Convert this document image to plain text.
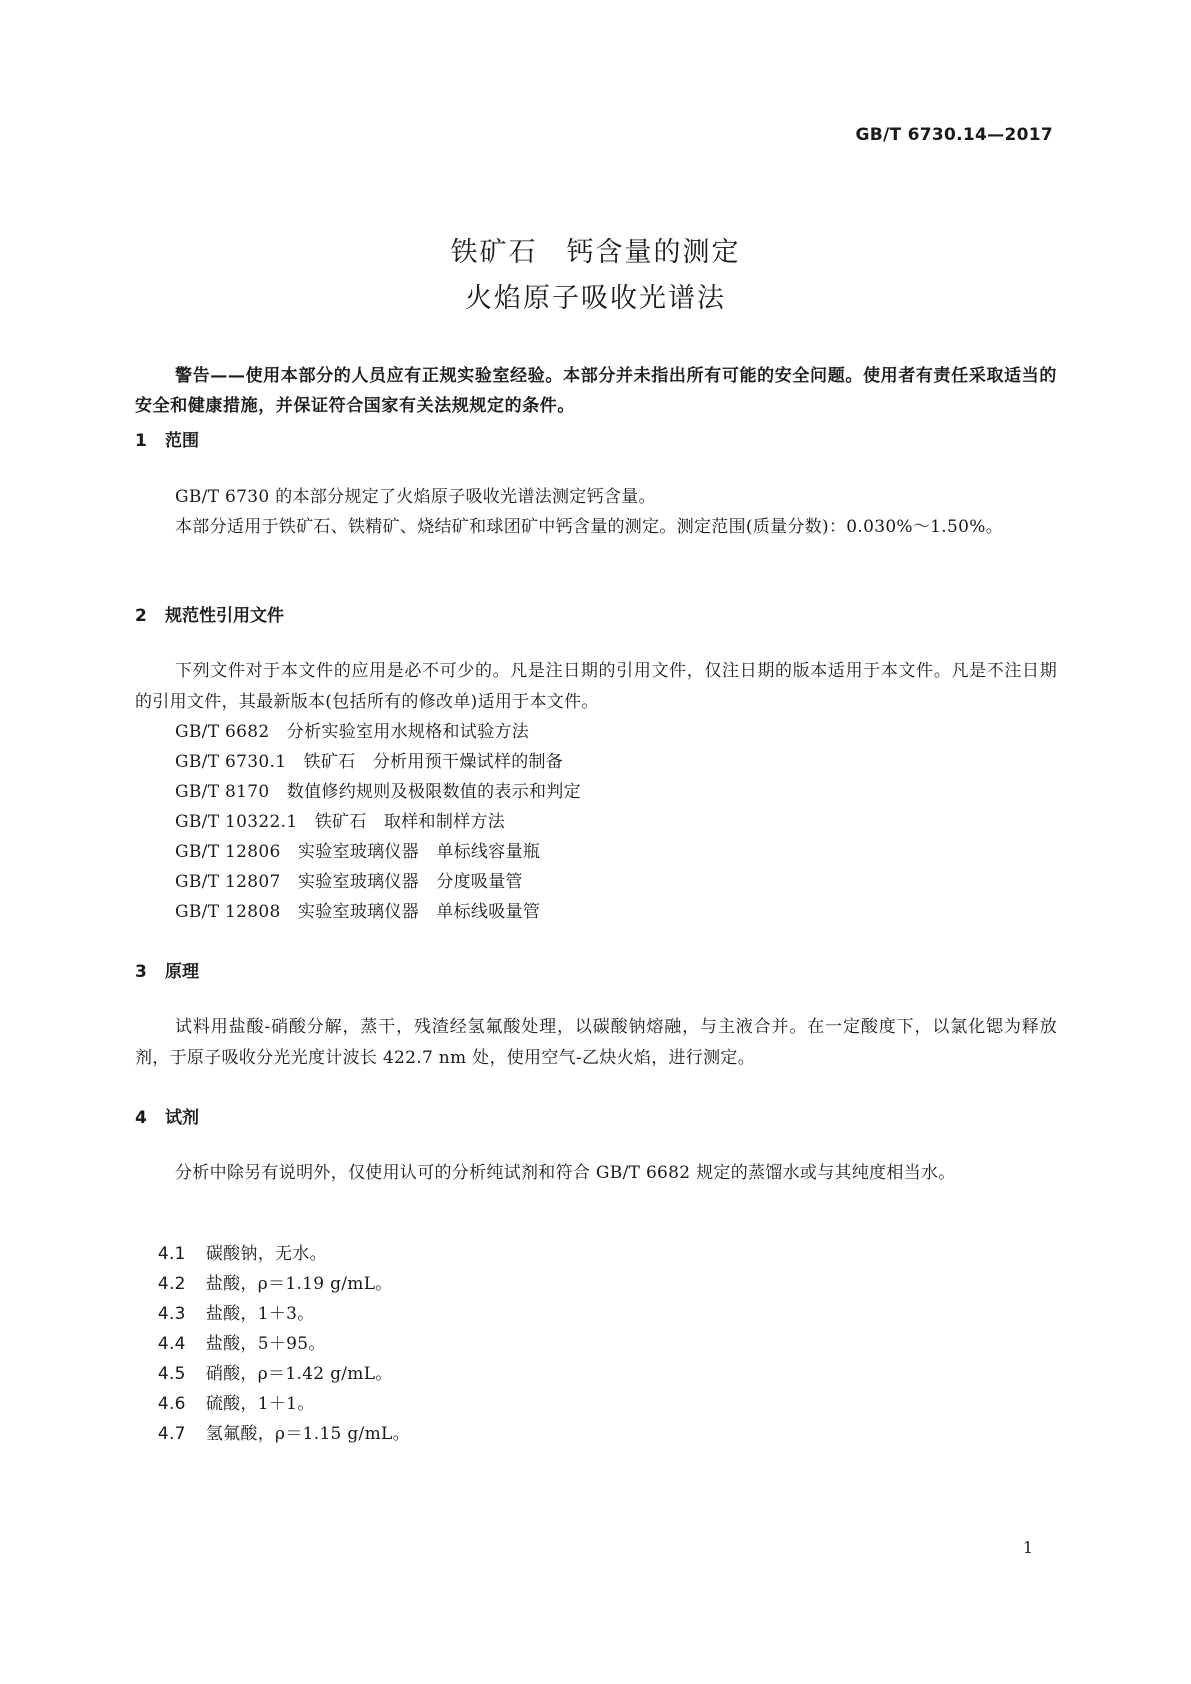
GB/T 6730.14—2017
铁矿石　钙含量的测定
火焰原子吸收光谱法
警告——使用本部分的人员应有正规实验室经验。本部分并未指出所有可能的安全问题。使用者有责任采取适当的安全和健康措施，并保证符合国家有关法规规定的条件。
1 范围
GB/T 6730 的本部分规定了火焰原子吸收光谱法测定钙含量。
本部分适用于铁矿石、铁精矿、烧结矿和球团矿中钙含量的测定。测定范围(质量分数)：0.030%～1.50%。
2 规范性引用文件
下列文件对于本文件的应用是必不可少的。凡是注日期的引用文件，仅注日期的版本适用于本文件。凡是不注日期的引用文件，其最新版本(包括所有的修改单)适用于本文件。
GB/T 6682　分析实验室用水规格和试验方法
GB/T 6730.1　铁矿石　分析用预干燥试样的制备
GB/T 8170　数值修约规则及极限数值的表示和判定
GB/T 10322.1　铁矿石　取样和制样方法
GB/T 12806　实验室玻璃仪器　单标线容量瓶
GB/T 12807　实验室玻璃仪器　分度吸量管
GB/T 12808　实验室玻璃仪器　单标线吸量管
3 原理
试料用盐酸-硝酸分解，蒸干，残渣经氢氟酸处理，以碳酸钠熔融，与主液合并。在一定酸度下，以氯化锶为释放剂，于原子吸收分光光度计波长 422.7 nm 处，使用空气-乙炔火焰，进行测定。
4 试剂
分析中除另有说明外，仅使用认可的分析纯试剂和符合 GB/T 6682 规定的蒸馏水或与其纯度相当水。

4.1 碳酸钠，无水。

4.2 盐酸，ρ＝1.19 g/mL。

4.3 盐酸，1＋3。

4.4 盐酸，5＋95。

4.5 硝酸，ρ＝1.42 g/mL。

4.6 硫酸，1＋1。

4.7 氢氟酸，ρ＝1.15 g/mL。

1
